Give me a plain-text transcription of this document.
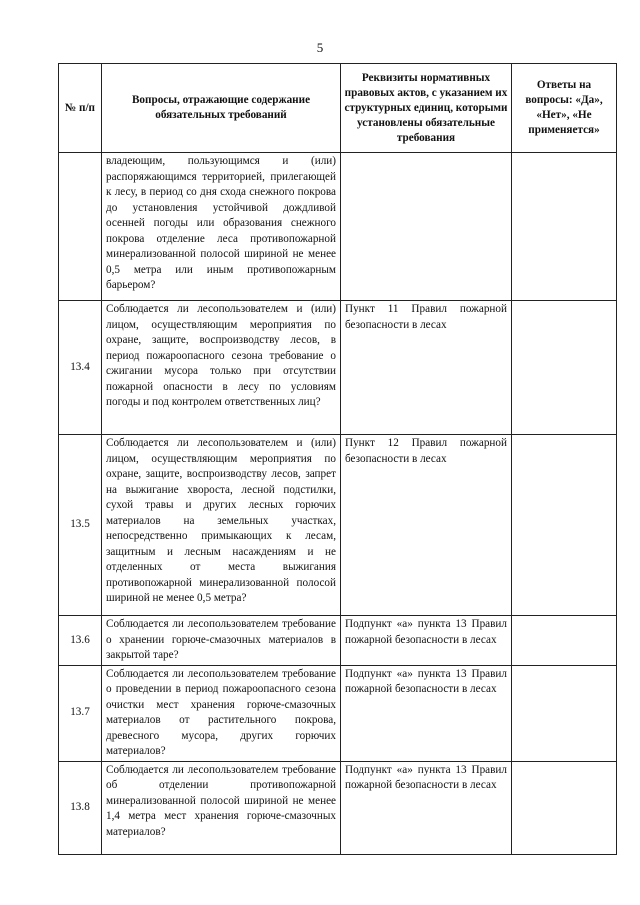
5
№ п/п	Вопросы, отражающие содержание обязательных требований	Реквизиты нормативных правовых актов, с указанием их структурных единиц, которыми установлены обязательные требования	Ответы на вопросы: «Да», «Нет», «Не применяется»
	владеющим, пользующимся и (или) распоряжающимся территорией, прилегающей к лесу, в период со дня схода снежного покрова до установления устойчивой дождливой осенней погоды или образования снежного покрова отделение леса противопожарной минерализованной полосой шириной не менее 0,5 метра или иным противопожарным барьером?		
13.4	Соблюдается ли лесопользователем и (или) лицом, осуществляющим мероприятия по охране, защите, воспроизводству лесов, в период пожароопасного сезона требование о сжигании мусора только при отсутствии пожарной опасности в лесу по условиям погоды и под контролем ответственных лиц?	Пункт 11 Правил пожарной безопасности в лесах	
13.5	Соблюдается ли лесопользователем и (или) лицом, осуществляющим мероприятия по охране, защите, воспроизводству лесов, запрет на выжигание хвороста, лесной подстилки, сухой травы и других лесных горючих материалов на земельных участках, непосредственно примыкающих к лесам, защитным и лесным насаждениям и не отделенных от места выжигания противопожарной минерализованной полосой шириной не менее 0,5 метра?	Пункт 12 Правил пожарной безопасности в лесах	
13.6	Соблюдается ли лесопользователем требование о хранении горюче-смазочных материалов в закрытой таре?	Подпункт «а» пункта 13 Правил пожарной безопасности в лесах	
13.7	Соблюдается ли лесопользователем требование о проведении в период пожароопасного сезона очистки мест хранения горюче-смазочных материалов от растительного покрова, древесного мусора, других горючих материалов?	Подпункт «а» пункта 13 Правил пожарной безопасности в лесах	
13.8	Соблюдается ли лесопользователем требование об отделении противопожарной минерализованной полосой шириной не менее 1,4 метра мест хранения горюче-смазочных материалов?	Подпункт «а» пункта 13 Правил пожарной безопасности в лесах	
